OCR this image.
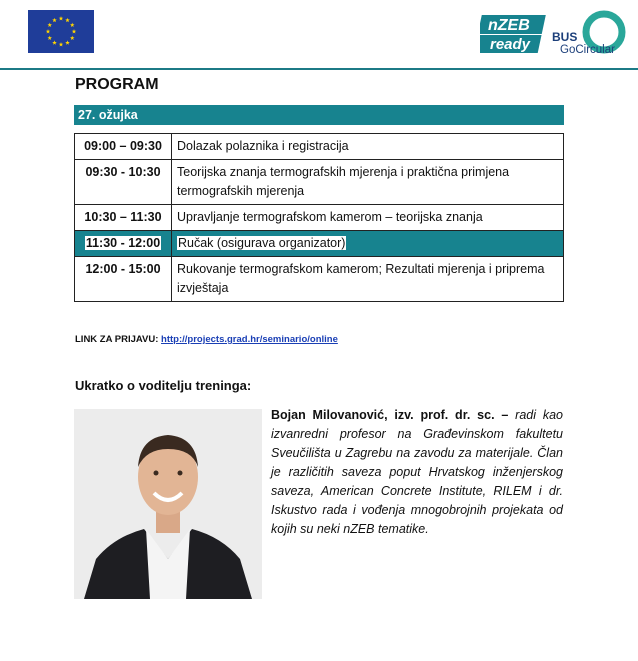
nZEB
ready BUS
GoCircular
PROGRAM
27. ožujka
09:00 – 09:30	Dolazak polaznika i registracija
09:30 - 10:30	Teorijska znanja termografskih mjerenja i praktična primjena termografskih mjerenja
10:30 – 11:30	Upravljanje termografskom kamerom – teorijska znanja
11:30 - 12:00	Ručak (osigurava organizator)
12:00 - 15:00	Rukovanje termografskom kamerom; Rezultati mjerenja i priprema izvještaja
LINK ZA PRIJAVU: http://projects.grad.hr/seminario/online
Ukratko o voditelju treninga:
Bojan Milovanović, izv. prof. dr. sc. – radi kao izvanredni profesor na Građevinskom fakultetu Sveučilišta u Zagrebu na zavodu za materijale. Član je različitih saveza poput Hrvatskog inženjerskog saveza, American Concrete Institute, RILEM i dr. Iskustvo rada i vođenja mnogobrojnih projekata od kojih su neki nZEB tematike.
